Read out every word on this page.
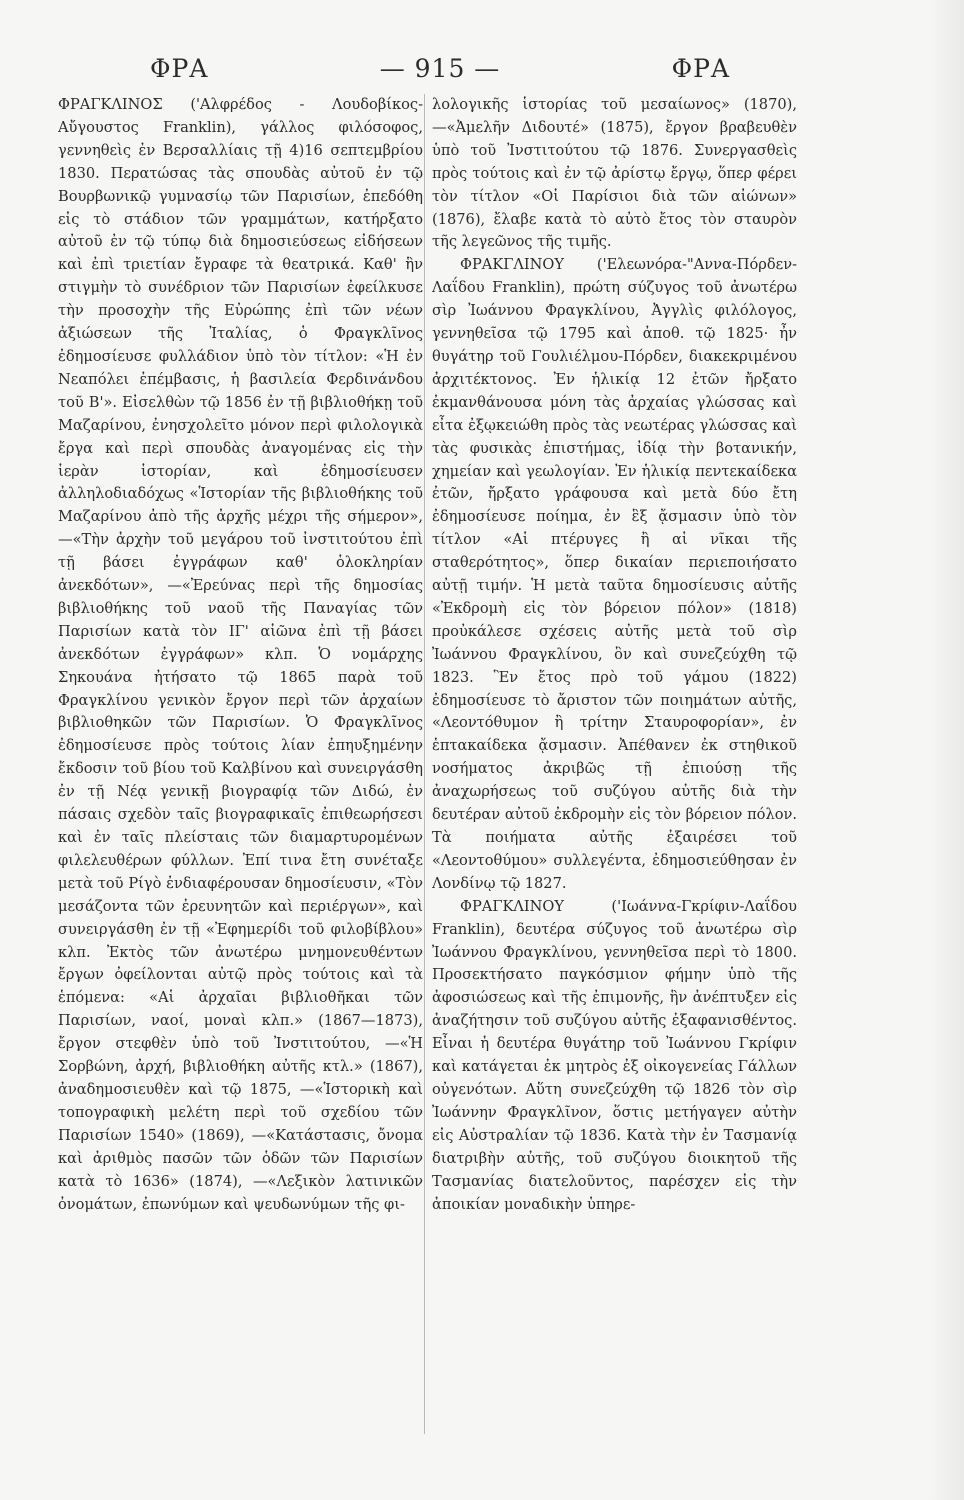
ΦΡΑ	— 915 —	ΦΡΑ

ΦΡΑΓΚΛΙΝΟΣ ('Αλφρέδος - Λουδοβίκος-Αὔγουστος Franklin), γάλλος φιλόσοφος, γεννηθεὶς ἐν Βερσαλλίαις τῇ 4)16 σεπτεμβρίου 1830. Περατώσας τὰς σπουδὰς αὐτοῦ ἐν τῷ Βουρβωνικῷ γυμνασίῳ τῶν Παρισίων, ἐπεδόθη εἰς τὸ στάδιον τῶν γραμμάτων, κατήρξατο αὐτοῦ ἐν τῷ τύπῳ διὰ δημοσιεύσεως εἰδήσεων καὶ ἐπὶ τριετίαν ἔγραφε τὰ θεατρικά. Καθ' ἣν στιγμὴν τὸ συνέδριον τῶν Παρισίων ἐφείλκυσε τὴν προσοχὴν τῆς Εὐρώπης ἐπὶ τῶν νέων ἀξιώσεων τῆς Ἰταλίας, ὁ Φραγκλῖνος ἐδημοσίευσε φυλλάδιον ὑπὸ τὸν τίτλον: «Ἡ ἐν Νεαπόλει ἐπέμβασις, ἡ βασιλεία Φερδινάνδου τοῦ Β'». Εἰσελθὼν τῷ 1856 ἐν τῇ βιβλιοθήκῃ τοῦ Μαζαρίνου, ἐνησχολεῖτο μόνον περὶ φιλολογικὰ ἔργα καὶ περὶ σπουδὰς ἀναγομένας εἰς τὴν ἱερὰν ἱστορίαν, καὶ ἐδημοσίευσεν ἀλληλοδιαδόχως «Ἱστορίαν τῆς βιβλιοθήκης τοῦ Μαζαρίνου ἀπὸ τῆς ἀρχῆς μέχρι τῆς σήμερον», —«Τὴν ἀρχὴν τοῦ μεγάρου τοῦ ἰνστιτούτου ἐπὶ τῇ βάσει ἐγγράφων καθ' ὁλοκληρίαν ἀνεκδότων», —«Ἐρεύνας περὶ τῆς δημοσίας βιβλιοθήκης τοῦ ναοῦ τῆς Παναγίας τῶν Παρισίων κατὰ τὸν ΙΓ' αἰῶνα ἐπὶ τῇ βάσει ἀνεκδότων ἐγγράφων» κλπ. Ὁ νομάρχης Σηκουάνα ἠτήσατο τῷ 1865 παρὰ τοῦ Φραγκλίνου γενικὸν ἔργον περὶ τῶν ἀρχαίων βιβλιοθηκῶν τῶν Παρισίων. Ὁ Φραγκλῖνος ἐδημοσίευσε πρὸς τούτοις λίαν ἐπηυξημένην ἔκδοσιν τοῦ βίου τοῦ Καλβίνου καὶ συνειργάσθη ἐν τῇ Νέᾳ γενικῇ βιογραφίᾳ τῶν Διδώ, ἐν πάσαις σχεδὸν ταῖς βιογραφικαῖς ἐπιθεωρήσεσι καὶ ἐν ταῖς πλείσταις τῶν διαμαρτυρομένων φιλελευθέρων φύλλων. Ἐπί τινα ἔτη συνέταξε μετὰ τοῦ Ρίγὸ ἐνδιαφέρουσαν δημοσίευσιν, «Τὸν μεσάζοντα τῶν ἐρευνητῶν καὶ περιέργων», καὶ συνειργάσθη ἐν τῇ «Ἐφημερίδι τοῦ φιλοβίβλου» κλπ. Ἐκτὸς τῶν ἀνωτέρω μνημονευθέντων ἔργων ὀφείλονται αὐτῷ πρὸς τούτοις καὶ τὰ ἑπόμενα: «Αἱ ἀρχαῖαι βιβλιοθῆκαι τῶν Παρισίων, ναοί, μοναὶ κλπ.» (1867—1873), ἔργον στεφθὲν ὑπὸ τοῦ Ἰνστιτούτου, —«Ἡ Σορβώνη, ἀρχή, βιβλιοθήκη αὐτῆς κτλ.» (1867), ἀναδημοσιευθὲν καὶ τῷ 1875, —«Ἱστορικὴ καὶ τοπογραφικὴ μελέτη περὶ τοῦ σχεδίου τῶν Παρισίων 1540» (1869), —«Κατάστασις, ὄνομα καὶ ἀριθμὸς πασῶν τῶν ὁδῶν τῶν Παρισίων κατὰ τὸ 1636» (1874), —«Λεξικὸν λατινικῶν ὀνομάτων, ἐπωνύμων καὶ ψευδωνύμων τῆς φι-

λολογικῆς ἱστορίας τοῦ μεσαίωνος» (1870), —«Ἀμελῆν Διδουτέ» (1875), ἔργον βραβευθὲν ὑπὸ τοῦ Ἰνστιτούτου τῷ 1876. Συνεργασθεὶς πρὸς τούτοις καὶ ἐν τῷ ἀρίστῳ ἔργῳ, ὅπερ φέρει τὸν τίτλον «Οἱ Παρίσιοι διὰ τῶν αἰώνων» (1876), ἔλαβε κατὰ τὸ αὐτὸ ἔτος τὸν σταυρὸν τῆς λεγεῶνος τῆς τιμῆς.

ΦΡΑΚΓΛΙΝΟΥ ('Ελεωνόρα-"Αννα-Πόρδεν-Λαΐδου Franklin), πρώτη σύζυγος τοῦ ἀνωτέρω σὶρ Ἰωάννου Φραγκλίνου, Ἀγγλὶς φιλόλογος, γεννηθεῖσα τῷ 1795 καὶ ἀποθ. τῷ 1825· ἦν θυγάτηρ τοῦ Γουλιέλμου-Πόρδεν, διακεκριμένου ἀρχιτέκτονος. Ἐν ἡλικίᾳ 12 ἐτῶν ἤρξατο ἐκμανθάνουσα μόνη τὰς ἀρχαίας γλώσσας καὶ εἶτα ἐξῳκειώθη πρὸς τὰς νεωτέρας γλώσσας καὶ τὰς φυσικὰς ἐπιστήμας, ἰδίᾳ τὴν βοτανικήν, χημείαν καὶ γεωλογίαν. Ἐν ἡλικίᾳ πεντεκαίδεκα ἐτῶν, ἤρξατο γράφουσα καὶ μετὰ δύο ἔτη ἐδημοσίευσε ποίημα, ἐν ἓξ ᾄσμασιν ὑπὸ τὸν τίτλον «Αἱ πτέρυγες ἢ αἱ νῖκαι τῆς σταθερότητος», ὅπερ δικαίαν περιεποιήσατο αὐτῇ τιμήν. Ἡ μετὰ ταῦτα δημοσίευσις αὐτῆς «Ἐκδρομὴ εἰς τὸν βόρειον πόλον» (1818) προὐκάλεσε σχέσεις αὐτῆς μετὰ τοῦ σὶρ Ἰωάννου Φραγκλίνου, ὃν καὶ συνεζεύχθη τῷ 1823. Ἓν ἔτος πρὸ τοῦ γάμου (1822) ἐδημοσίευσε τὸ ἄριστον τῶν ποιημάτων αὐτῆς, «Λεοντόθυμον ἢ τρίτην Σταυροφορίαν», ἐν ἑπτακαίδεκα ᾄσμασιν. Ἀπέθανεν ἐκ στηθικοῦ νοσήματος ἀκριβῶς τῇ ἐπιούσῃ τῆς ἀναχωρήσεως τοῦ συζύγου αὐτῆς διὰ τὴν δευτέραν αὐτοῦ ἐκδρομὴν εἰς τὸν βόρειον πόλον. Τὰ ποιήματα αὐτῆς ἐξαιρέσει τοῦ «Λεοντοθύμου» συλλεγέντα, ἐδημοσιεύθησαν ἐν Λονδίνῳ τῷ 1827.

ΦΡΑΓΚΛΙΝΟΥ ('Ιωάννα-Γκρίφιν-Λαΐδου Franklin), δευτέρα σύζυγος τοῦ ἀνωτέρω σὶρ Ἰωάννου Φραγκλίνου, γεννηθεῖσα περὶ τὸ 1800. Προσεκτήσατο παγκόσμιον φήμην ὑπὸ τῆς ἀφοσιώσεως καὶ τῆς ἐπιμονῆς, ἣν ἀνέπτυξεν εἰς ἀναζήτησιν τοῦ συζύγου αὐτῆς ἐξαφανισθέντος. Εἶναι ἡ δευτέρα θυγάτηρ τοῦ Ἰωάννου Γκρίφιν καὶ κατάγεται ἐκ μητρὸς ἐξ οἰκογενείας Γάλλων οὐγενότων. Αὕτη συνεζεύχθη τῷ 1826 τὸν σὶρ Ἰωάννην Φραγκλῖνον, ὅστις μετήγαγεν αὐτὴν εἰς Αὐστραλίαν τῷ 1836. Κατὰ τὴν ἐν Τασμανίᾳ διατριβὴν αὐτῆς, τοῦ συζύγου διοικητοῦ τῆς Τασμανίας διατελοῦντος, παρέσχεν εἰς τὴν ἀποικίαν μοναδικὴν ὑπηρε-
